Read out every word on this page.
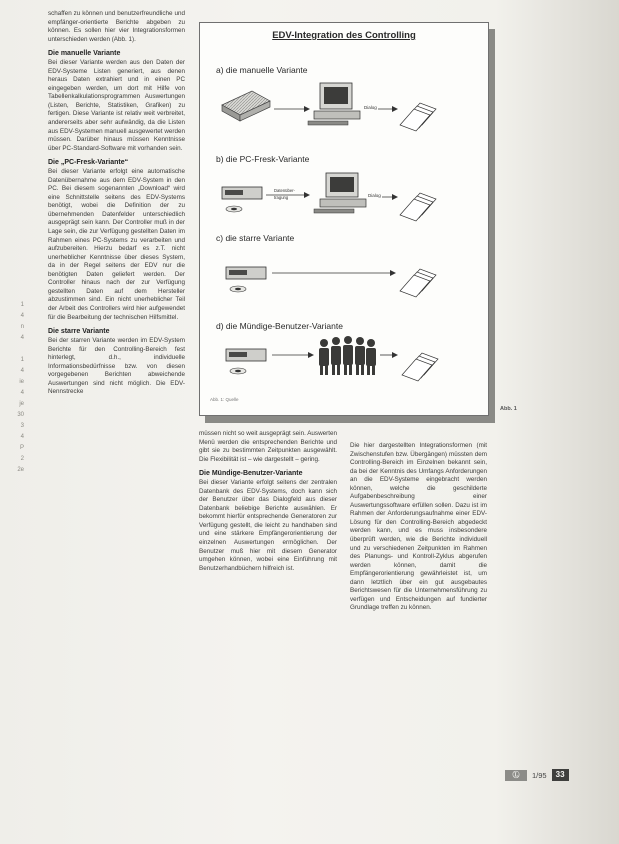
1
4
n
4

1
4
ie
4
je
30
3
4
P
2
2e

schaffen zu können und benutzerfreundliche und empfänger-orientierte Berichte abgeben zu können. Es sollen hier vier Integrationsformen unterschieden werden (Abb. 1).

Die manuelle Variante

Bei dieser Variante werden aus den Daten der EDV-Systeme Listen generiert, aus denen heraus Daten extrahiert und in einen PC eingegeben werden, um dort mit Hilfe von Tabellenkalkulationsprogrammen Auswertungen (Listen, Berichte, Statistiken, Grafiken) zu fertigen. Diese Variante ist relativ weit verbreitet, andererseits aber sehr aufwändig, da die Listen aus EDV-Systemen manuell ausgewertet werden müssen. Darüber hinaus müssen Kenntnisse über PC-Standard-Software mit vorhanden sein.

Die „PC-Fresk-Variante“

Bei dieser Variante erfolgt eine automatische Datenübernahme aus dem EDV-System in den PC. Bei diesem sogenannten „Download“ wird eine Schnittstelle seitens des EDV-Systems benötigt, wobei die Definition der zu übernehmenden Datenfelder unterschiedlich ausgeprägt sein kann. Der Controller muß in der Lage sein, die zur Verfügung gestellten Daten im Rahmen eines PC-Systems zu verarbeiten und aufzubereiten. Hierzu bedarf es z.T. nicht unerheblicher Kenntnisse über dieses System, da in der Regel seitens der EDV nur die benötigten Daten geliefert werden. Der Controller hinaus nach der zur Verfügung gestellten Daten auf dem Hersteller abzustimmen sind. Ein nicht unerheblicher Teil der Arbeit des Controllers wird hier aufgewendet für die Bearbeitung der technischen Hilfsmittel.

Die starre Variante

Bei der starren Variante werden im EDV-System Berichte für den Controlling-Bereich fest hinterlegt, d.h., individuelle Informationsbedürfnisse bzw. von diesen vorgegebenen Berichten abweichende Auswertungen sind nicht möglich. Die EDV-Nennstrecke

Dialog
Datenüber-
tragung	Dialog
EDV-Integration des Controlling
a) die manuelle Variante
b) die PC-Fresk-Variante
c) die starre Variante
d) die Mündige-Benutzer-Variante
Abb. 1: Quelle
Abb. 1

müssen nicht so weit ausgeprägt sein. Auswerten Menü werden die entsprechenden Berichte und gibt sie zu bestimmten Zeitpunkten ausgewählt. Die Flexibilität ist – wie dargestellt – gering.

Die Mündige-Benutzer-Variante

Bei dieser Variante erfolgt seitens der zentralen Datenbank des EDV-Systems, doch kann sich der Benutzer über das Dialogfeld aus dieser Datenbank beliebige Berichte auswählen. Er bekommt hierfür entsprechende Generatoren zur Verfügung gestellt, die leicht zu handhaben sind und eine stärkere Empfängerorientierung der einzelnen Auswertungen ermöglichen. Der Benutzer muß hier mit diesem Generator umgehen können, wobei eine Einführung mit Benutzerhandbüchern hilfreich ist.

Die hier dargestellten Integrationsformen (mit Zwischenstufen bzw. Übergängen) müssten dem Controlling-Bereich im Einzelnen bekannt sein, da bei der Kenntnis des Umfangs Anforderungen an die EDV-Systeme eingebracht werden können, welche die geschilderte Aufgabenbeschreibung einer Auswertungssoftware erfüllen sollen. Dazu ist im Rahmen der Anforderungsaufnahme einer EDV-Lösung für den Controlling-Bereich abgedeckt werden kann, und es muss insbesondere überprüft werden, wie die Berichte individuell und zu verschiedenen Zeitpunkten im Rahmen des Planungs- und Kontroll-Zyklus abgerufen werden können, damit die Empfängerorientierung gewährleistet ist, um dann letztlich über ein gut ausgebautes Berichtswesen für die Unternehmensführung zu verfügen und Entscheidungen auf fundierter Grundlage treffen zu können.

Ⓛ	1/95	33
